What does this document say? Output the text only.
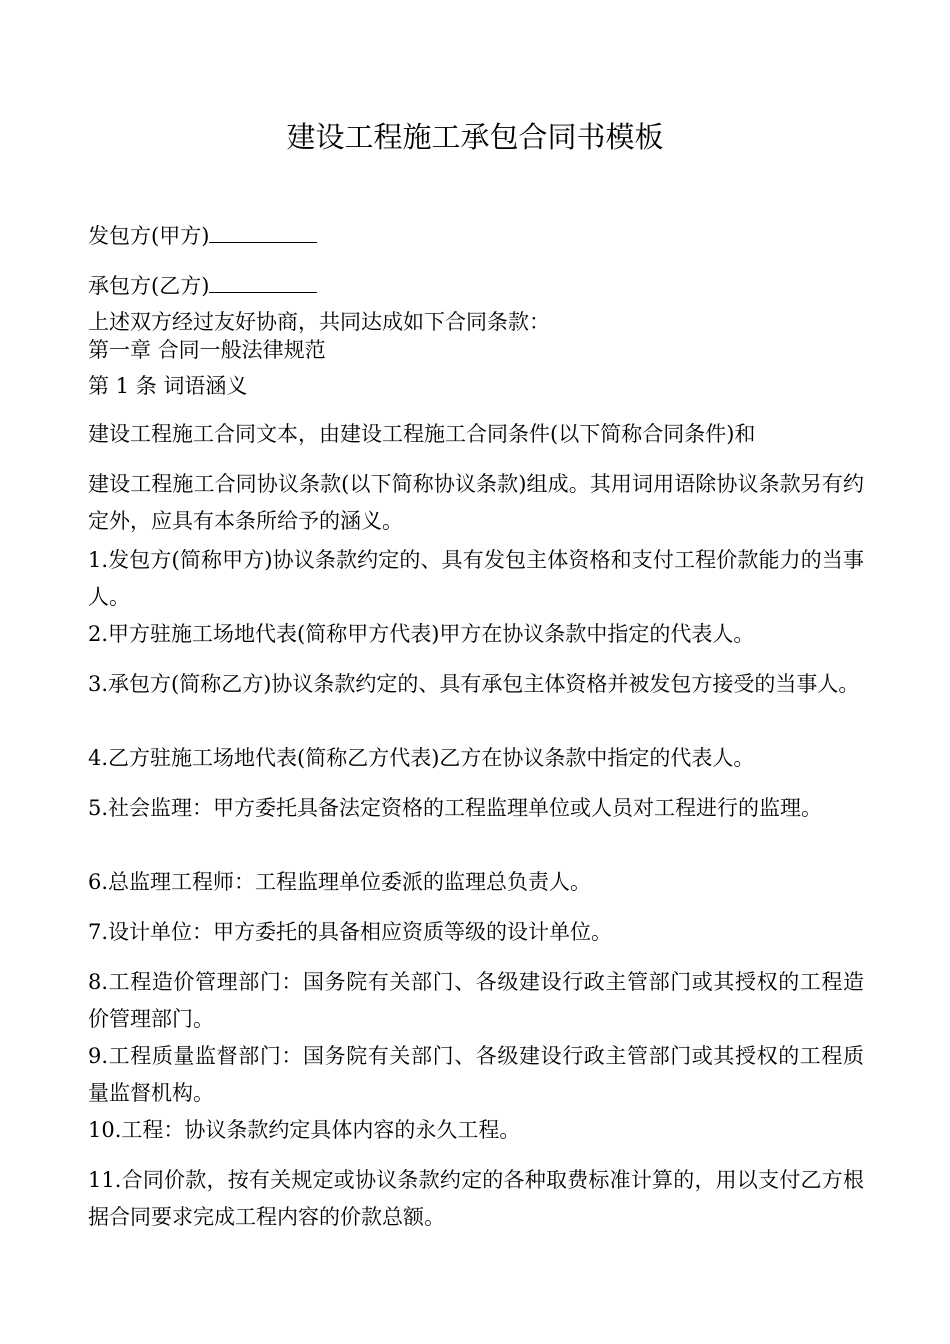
建设工程施工承包合同书模板

发包方(甲方)

承包方(乙方)

上述双方经过友好协商，共同达成如下合同条款：

第一章 合同一般法律规范

第 1 条 词语涵义

建设工程施工合同文本，由建设工程施工合同条件(以下简称合同条件)和

建设工程施工合同协议条款(以下简称协议条款)组成。其用词用语除协议条款另有约定外，应具有本条所给予的涵义。

1.发包方(简称甲方)协议条款约定的、具有发包主体资格和支付工程价款能力的当事人。

2.甲方驻施工场地代表(简称甲方代表)甲方在协议条款中指定的代表人。

3.承包方(简称乙方)协议条款约定的、具有承包主体资格并被发包方接受的当事人。

4.乙方驻施工场地代表(简称乙方代表)乙方在协议条款中指定的代表人。

5.社会监理：甲方委托具备法定资格的工程监理单位或人员对工程进行的监理。

6.总监理工程师：工程监理单位委派的监理总负责人。

7.设计单位：甲方委托的具备相应资质等级的设计单位。

8.工程造价管理部门：国务院有关部门、各级建设行政主管部门或其授权的工程造价管理部门。

9.工程质量监督部门：国务院有关部门、各级建设行政主管部门或其授权的工程质量监督机构。

10.工程：协议条款约定具体内容的永久工程。

11.合同价款，按有关规定或协议条款约定的各种取费标准计算的，用以支付乙方根据合同要求完成工程内容的价款总额。
